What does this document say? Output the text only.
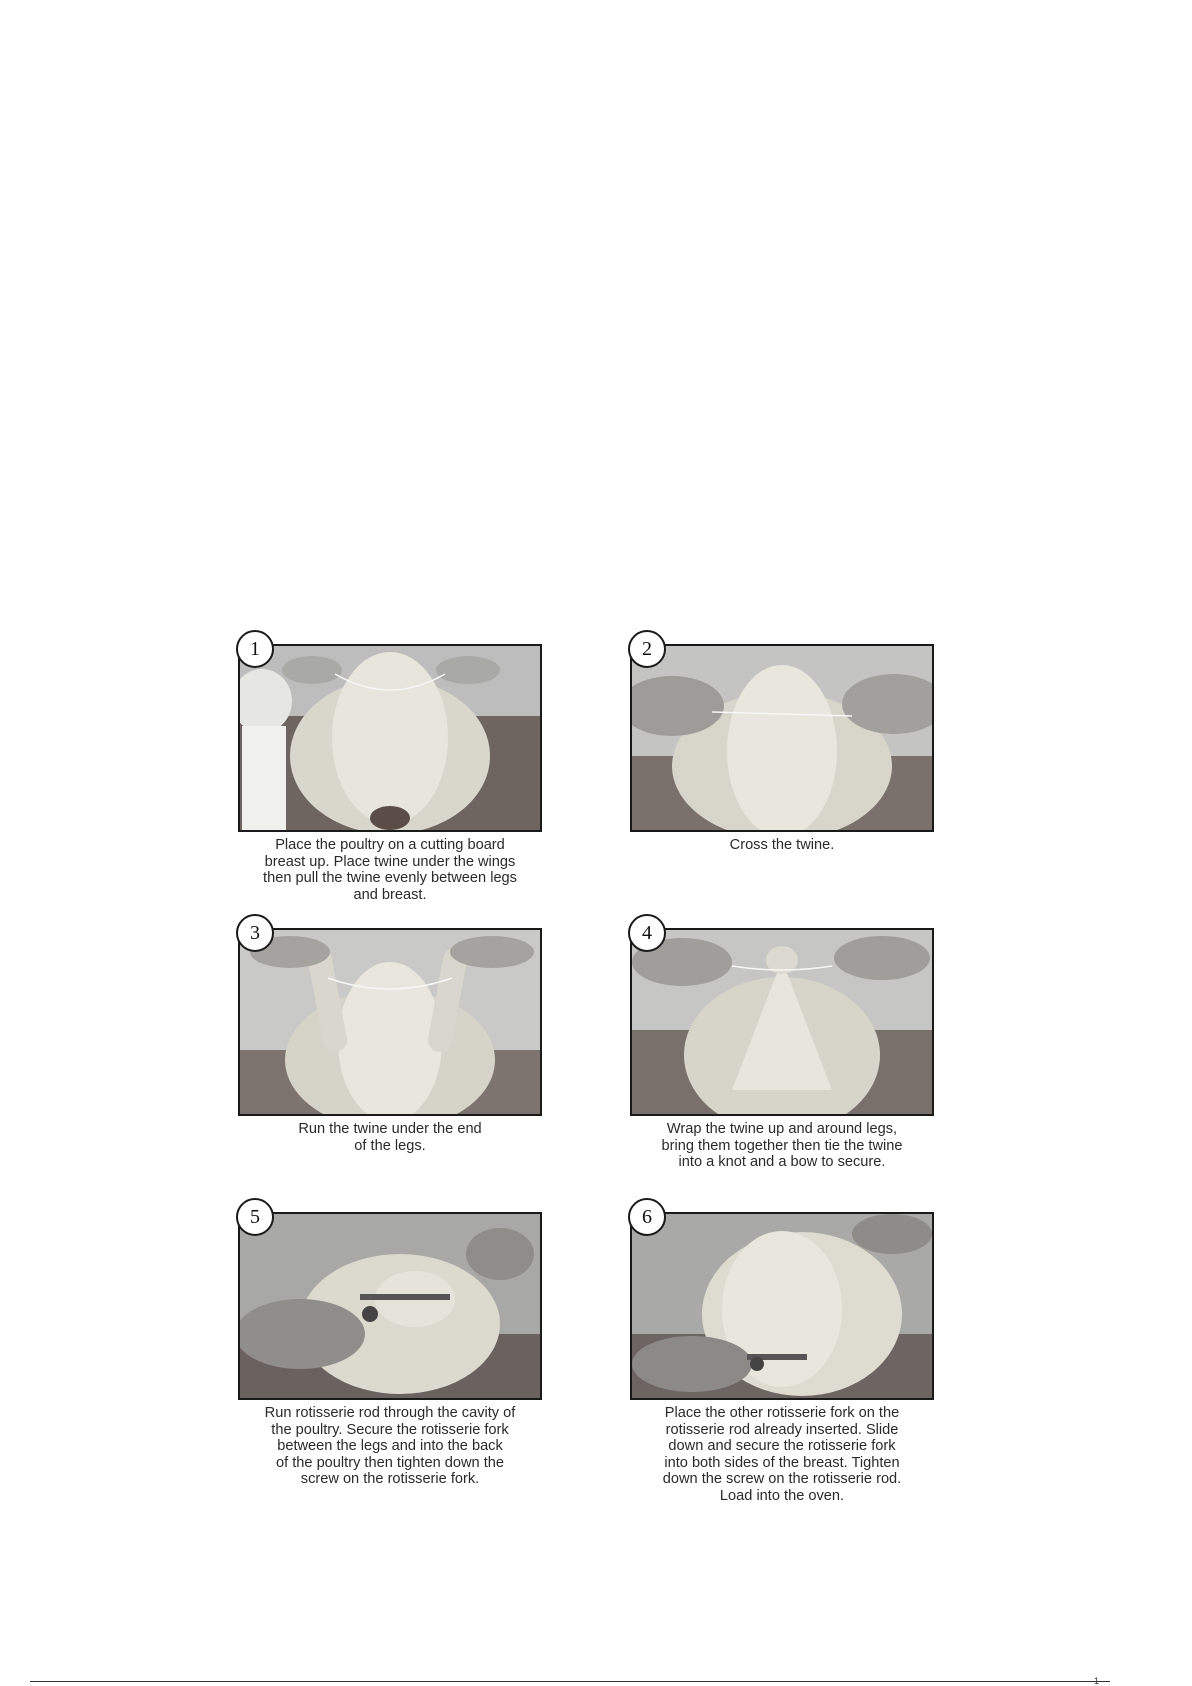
1
Place the poultry on a cutting board
breast up. Place twine under the wings
then pull the twine evenly between legs
and breast.
2
Cross the twine.
3
Run the twine under the end
of the legs.
4
Wrap the twine up and around legs,
bring them together then tie the twine
into a knot and a bow to secure.
5
Run rotisserie rod through the cavity of
the poultry. Secure the rotisserie fork
between the legs and into the back
of the poultry then tighten down the
screw on the rotisserie fork.
6
Place the other rotisserie fork on the
rotisserie rod already inserted. Slide
down and secure the rotisserie fork
into both sides of the breast. Tighten
down the screw on the rotisserie rod.
Load into the oven.
1
